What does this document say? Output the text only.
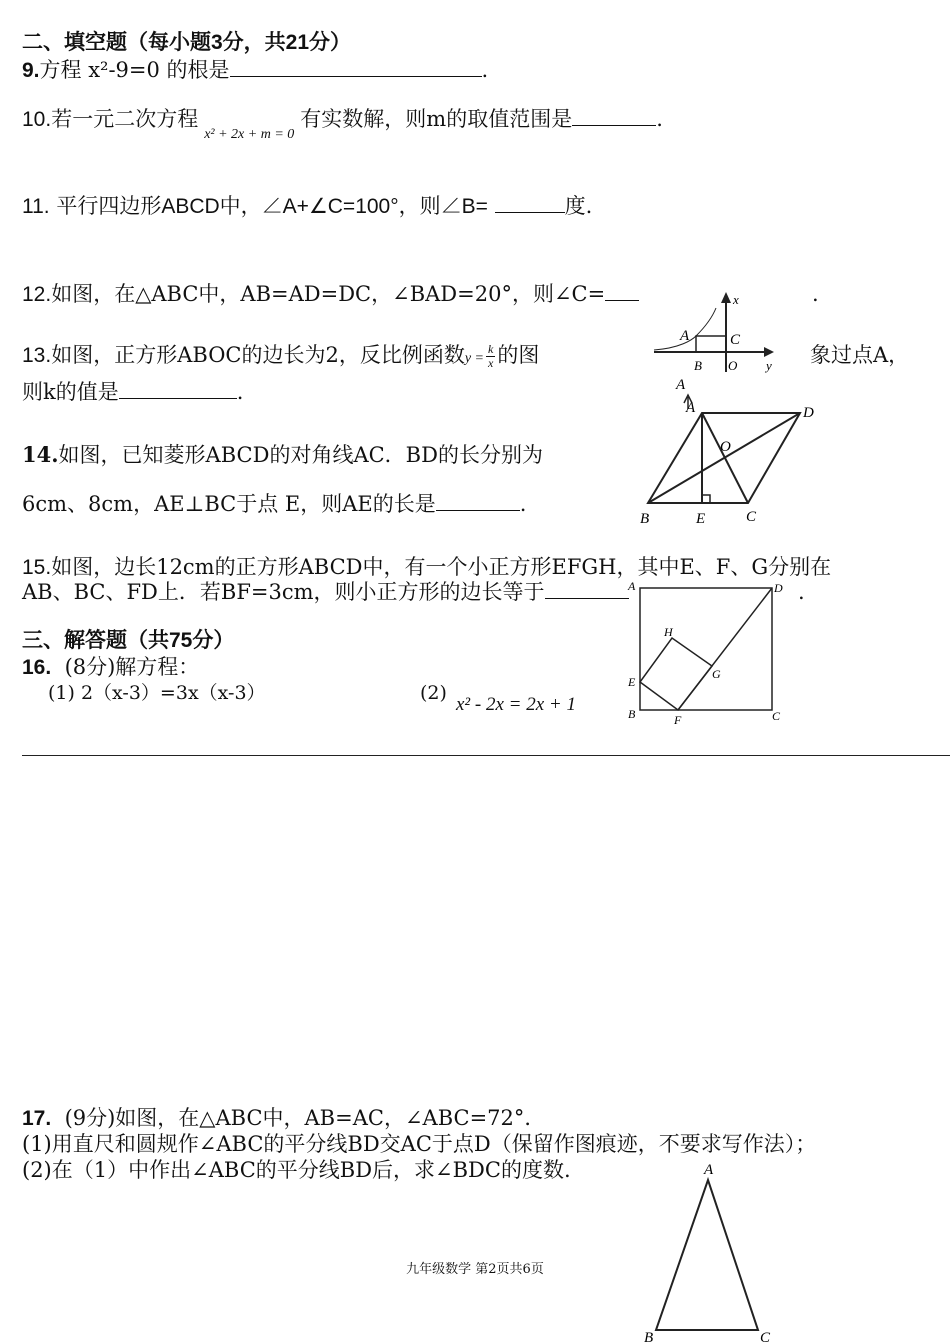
二、填空题（每小题3分，共21分）
9.方程 x²-9=0 的根是	.
10.若一元二次方程$_{x^2 + 2x + m = 0}$有实数解，则m的取值范围是	.
11. 平行四边形ABCD中，∠A+∠C=100°，则∠B=	度.
12.如图，在△ABC中，AB=AD=DC，∠BAD=20°，则∠C=	.
x
A	C
B O y
13.如图，正方形ABOC的边长为2，反比例函数$y = \frac{k}{x}$ 的图	象过点A，
则k的值是	.
14.如图，已知菱形ABCD的对角线AC．BD的长分别为
6cm、8cm，AE⊥BC于点 E，则AE的长是	.
A
A	D
O
B	E	C
15.如图，边长12cm的正方形ABCD中，有一个小正方形EFGH，其中E、F、G分别在
AB、BC、FD上．若BF=3cm，则小正方形的边长等于	.
A	D
H
G
E
B	F	C
三、解答题（共75分）
16. (8分)解方程：
(1) 2（x-3）=3x（x-3）	(2)
x² - 2x = 2x + 1
17. (9分)如图，在△ABC中，AB=AC，∠ABC=72°．
(1)用直尺和圆规作∠ABC的平分线BD交AC于点D（保留作图痕迹，不要求写作法）；
(2)在（1）中作出∠ABC的平分线BD后，求∠BDC的度数.	A
B	C
九年级数学 第2页共6页
